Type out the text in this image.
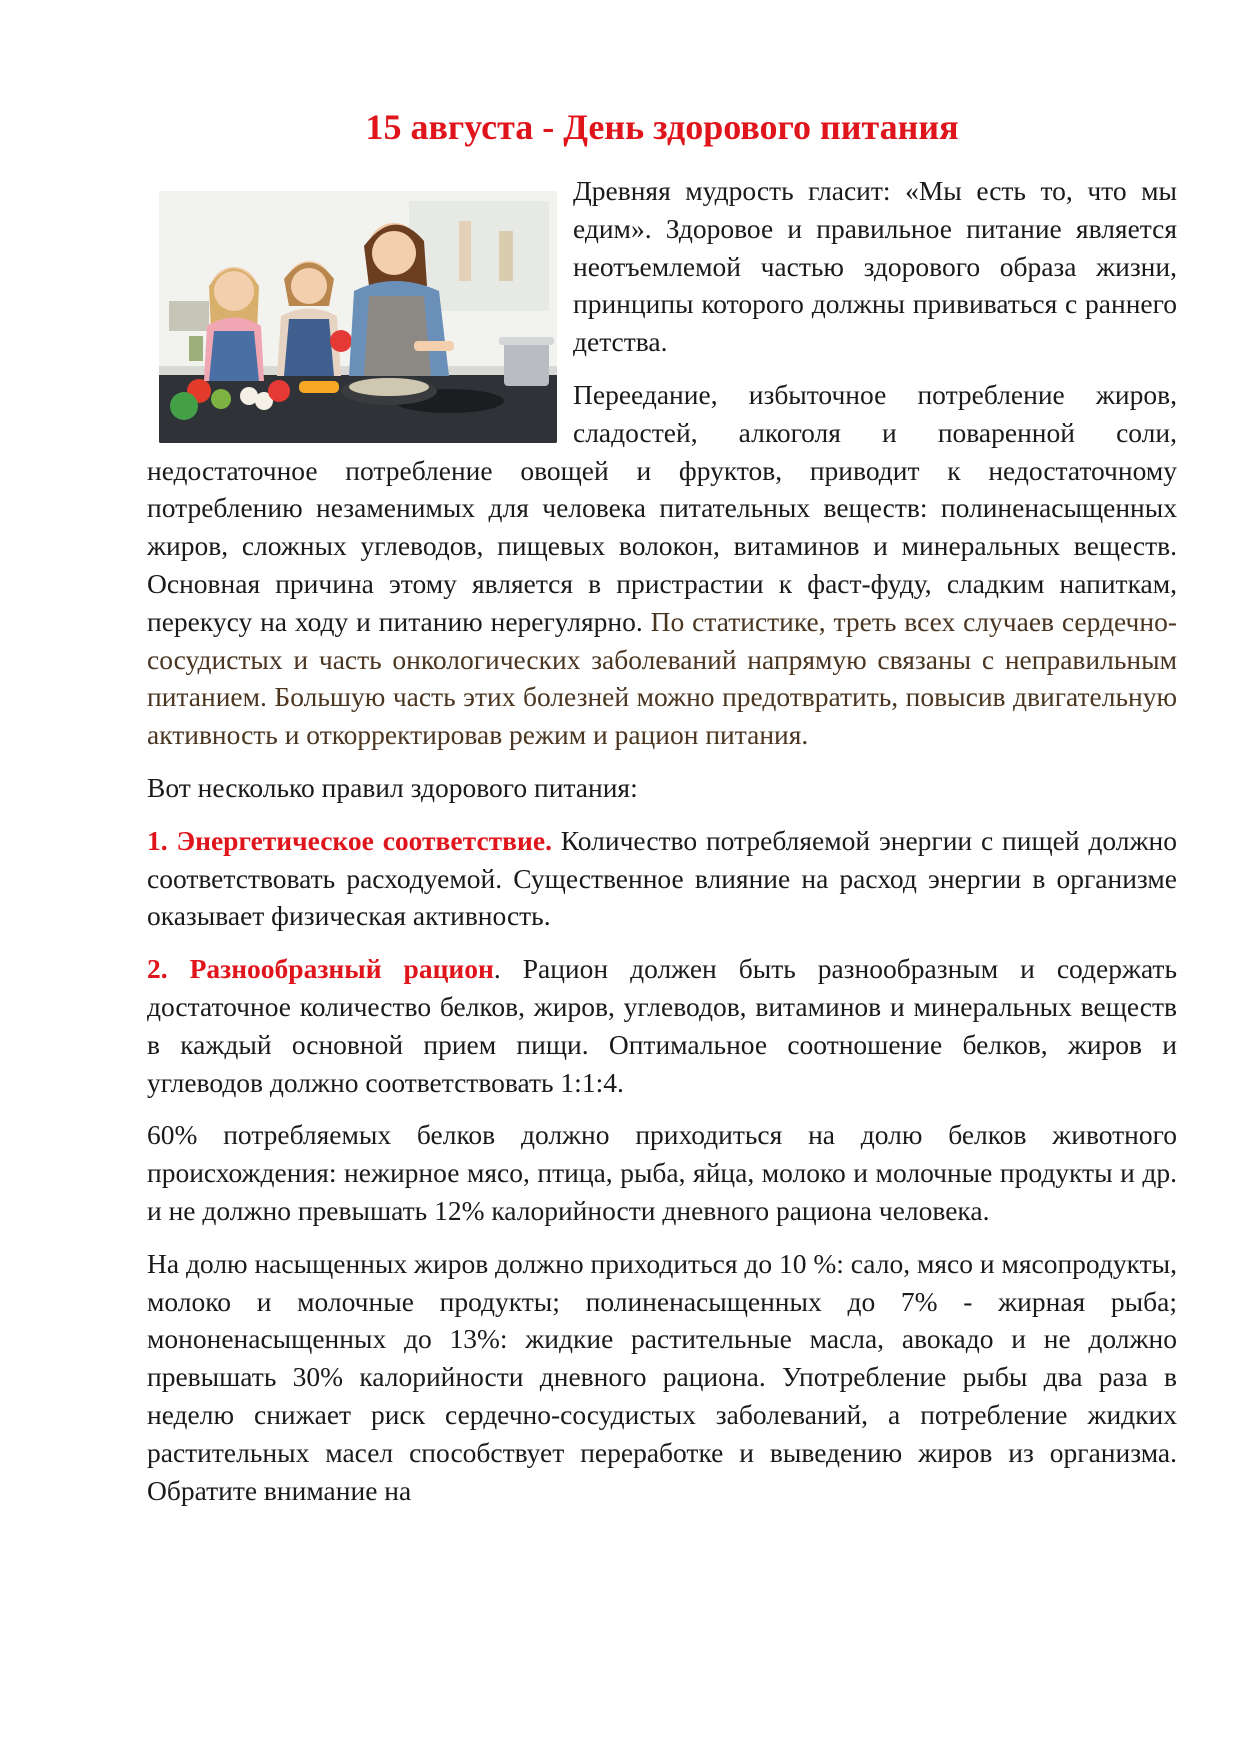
15 августа - День здорового питания

Древняя мудрость гласит: «Мы есть то, что мы едим». Здоровое и правильное питание является неотъемлемой частью здорового образа жизни, принципы которого должны прививаться с раннего детства.

Переедание, избыточное потребление жиров, сладостей, алкоголя и поваренной соли, недостаточное потребление овощей и фруктов, приводит к недостаточному потреблению незаменимых для человека питательных веществ: полиненасыщенных жиров, сложных углеводов, пищевых волокон, витаминов и минеральных веществ. Основная причина этому является в пристрастии к фаст-фуду, сладким напиткам, перекусу на ходу и питанию нерегулярно. По статистике, треть всех случаев сердечно-сосудистых и часть онкологических заболеваний напрямую связаны с неправильным питанием. Большую часть этих болезней можно предотвратить, повысив двигательную активность и откорректировав режим и рацион питания.

Вот несколько правил здорового питания:

1. Энергетическое соответствие. Количество потребляемой энергии с пищей должно соответствовать расходуемой. Существенное влияние на расход энергии в организме оказывает физическая активность.

2. Разнообразный рацион. Рацион должен быть разнообразным и содержать достаточное количество белков, жиров, углеводов, витаминов и минеральных веществ в каждый основной прием пищи. Оптимальное соотношение белков, жиров и углеводов должно соответствовать 1:1:4.

60% потребляемых белков должно приходиться на долю белков животного происхождения: нежирное мясо, птица, рыба, яйца, молоко и молочные продукты и др. и не должно превышать 12% калорийности дневного рациона человека.

На долю насыщенных жиров должно приходиться до 10 %: сало, мясо и мясопродукты, молоко и молочные продукты; полиненасыщенных до 7% - жирная рыба; мононенасыщенных до 13%: жидкие растительные масла, авокадо и не должно превышать 30% калорийности дневного рациона. Употребление рыбы два раза в неделю снижает риск сердечно-сосудистых заболеваний, а потребление жидких растительных масел способствует переработке и выведению жиров из организма. Обратите внимание на
